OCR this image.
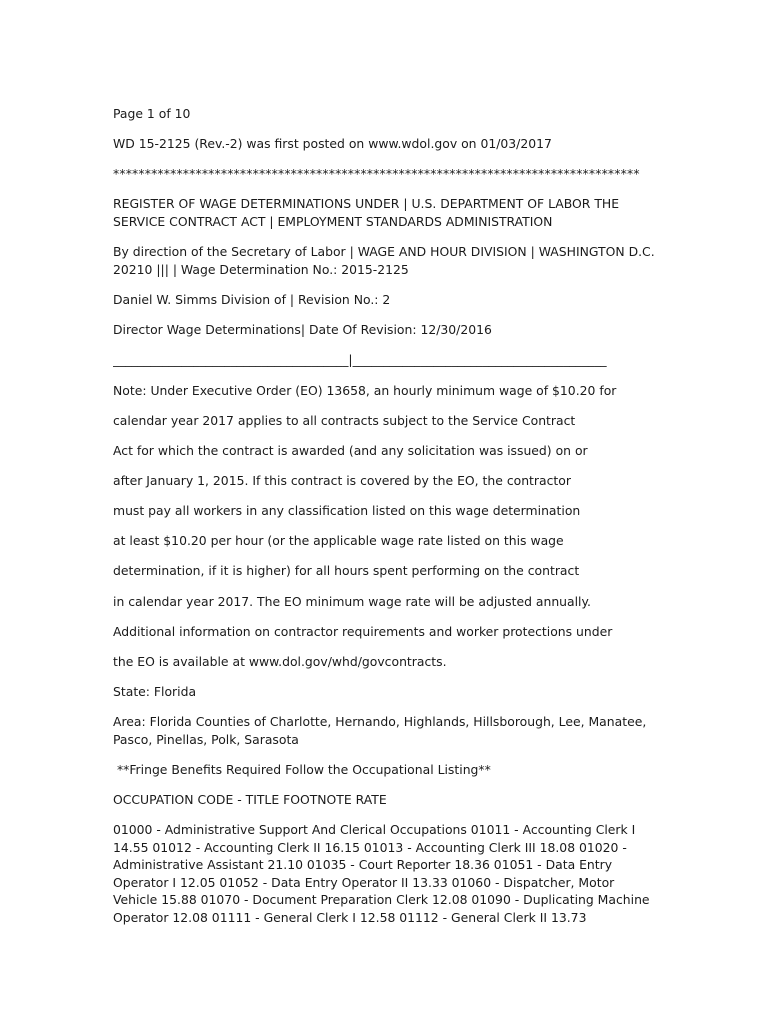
Page 1 of 10
WD 15-2125 (Rev.-2) was first posted on www.wdol.gov on 01/03/2017
***********************************************************************************
REGISTER OF WAGE DETERMINATIONS UNDER | U.S. DEPARTMENT OF LABOR THE SERVICE CONTRACT ACT | EMPLOYMENT STANDARDS ADMINISTRATION
By direction of the Secretary of Labor | WAGE AND HOUR DIVISION | WASHINGTON D.C. 20210 ||| | Wage Determination No.: 2015-2125
Daniel W. Simms Division of | Revision No.: 2
Director Wage Determinations| Date Of Revision: 12/30/2016
______________________________________|_________________________________________
Note: Under Executive Order (EO) 13658, an hourly minimum wage of $10.20 for
calendar year 2017 applies to all contracts subject to the Service Contract
Act for which the contract is awarded (and any solicitation was issued) on or
after January 1, 2015. If this contract is covered by the EO, the contractor
must pay all workers in any classification listed on this wage determination
at least $10.20 per hour (or the applicable wage rate listed on this wage
determination, if it is higher) for all hours spent performing on the contract
in calendar year 2017. The EO minimum wage rate will be adjusted annually.
Additional information on contractor requirements and worker protections under
the EO is available at www.dol.gov/whd/govcontracts.
State: Florida
Area: Florida Counties of Charlotte, Hernando, Highlands, Hillsborough, Lee, Manatee, Pasco, Pinellas, Polk, Sarasota
**Fringe Benefits Required Follow the Occupational Listing**
OCCUPATION CODE - TITLE FOOTNOTE RATE
01000 - Administrative Support And Clerical Occupations 01011 - Accounting Clerk I 14.55 01012 - Accounting Clerk II 16.15 01013 - Accounting Clerk III 18.08 01020 - Administrative Assistant 21.10 01035 - Court Reporter 18.36 01051 - Data Entry Operator I 12.05 01052 - Data Entry Operator II 13.33 01060 - Dispatcher, Motor Vehicle 15.88 01070 - Document Preparation Clerk 12.08 01090 - Duplicating Machine Operator 12.08 01111 - General Clerk I 12.58 01112 - General Clerk II 13.73
